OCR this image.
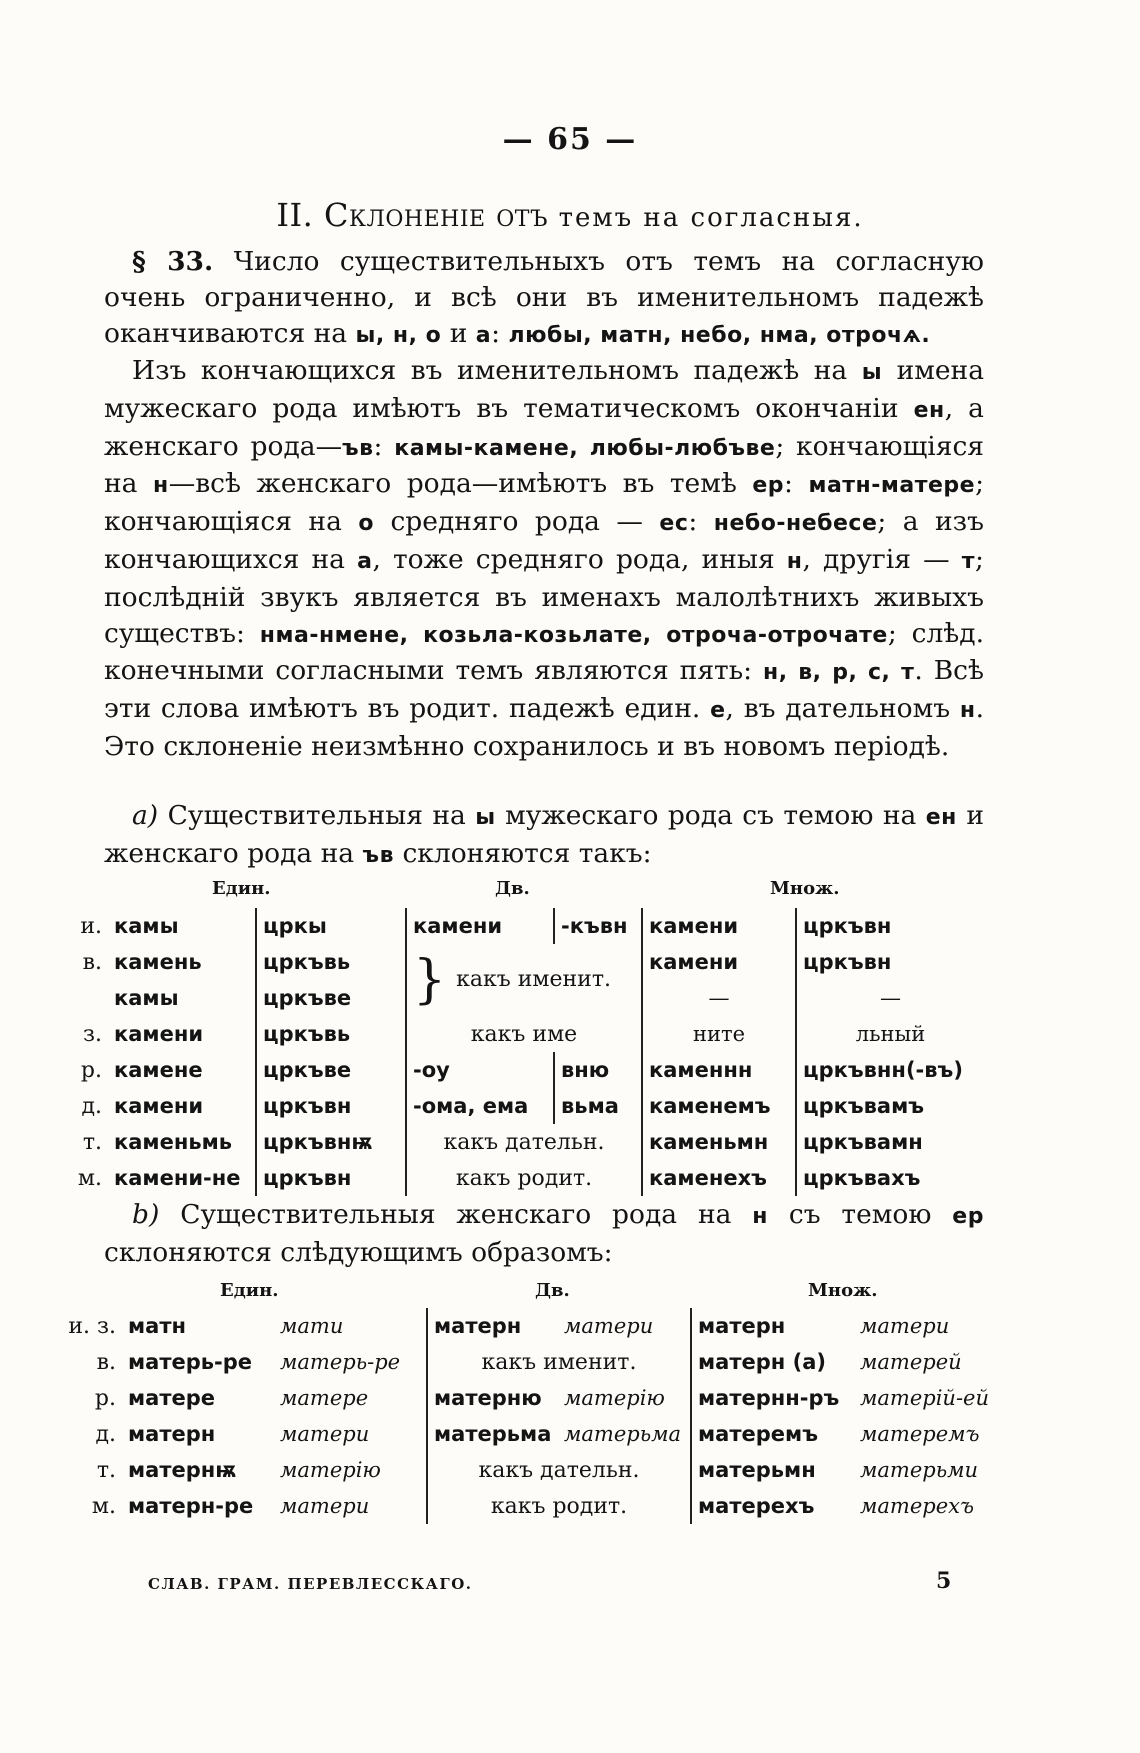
— 65 —
II. Склоненіе отъ темъ на согласныя.
§ 33. Число существительныхъ отъ темъ на согласную очень ограниченно, и всѣ они въ именительномъ падежѣ оканчиваются на ы, н, о и а: любы, матн, небо, нма, отрочѧ.
Изъ кончающихся въ именительномъ падежѣ на ы имена мужескаго рода имѣютъ въ тематическомъ окончаніи ен, а женскаго рода—ъв: камы-камене, любы-любъве; кончающіяся на н—всѣ женскаго рода—имѣютъ въ темѣ ер: матн-матере; кончающіяся на о средняго рода — ес: небо-небесе; а изъ кончающихся на а, тоже средняго рода, иныя н, другія — т; послѣдній звукъ является въ именахъ малолѣтнихъ живыхъ существъ: нма-нмене, козьла-козьлате, отроча-отрочате; слѣд. конечными согласными темъ являются пять: н, в, р, с, т. Всѣ эти слова имѣютъ въ родит. падежѣ един. е, въ дательномъ н. Это склоненіе неизмѣнно сохранилось и въ новомъ періодѣ.
a) Существительныя на ы мужескаго рода съ темою на ен и женскаго рода на ъв склоняются такъ:
Един.	Дв.	Множ.
и.	камы	цркы	камени	-къвн	камени	цркъвн
в.	камень	цркъвь	} какъ именит.		камени	цркъвн
	камы	цркъве			—	—
з.	камени	цркъвь	какъ име		ните	льный
р.	камене	цркъве	-оу	вню	каменнн	цркъвнн(-въ)
д.	камени	цркъвн	-ома, ема	вьма	каменемъ	цркъвамъ
т.	каменьмь	цркъвнѭ	какъ дательн.		каменьмн	цркъвамн
м.	камени-не	цркъвн	какъ родит.		каменехъ	цркъвахъ
b) Существительныя женскаго рода на н съ темою ер склоняются слѣдующимъ образомъ:
Един.	Дв.	Множ.
и. з.	матн	мати	матерн	матери	матерн	матери
в.	матерь-ре	матерь-ре	какъ именит.		матерн (а)	матерей
р.	матере	матере	матерню	матерію	матернн-ръ	матерій-ей
д.	матерн	матери	матерьма	матерьма	матеремъ	матеремъ
т.	матернѭ	матерію	какъ дательн.		матерьмн	матерьми
м.	матерн-ре	матери	какъ родит.		матерехъ	матерехъ
СЛАВ. ГРАМ. ПЕРЕВЛЕССКАГО.	5
